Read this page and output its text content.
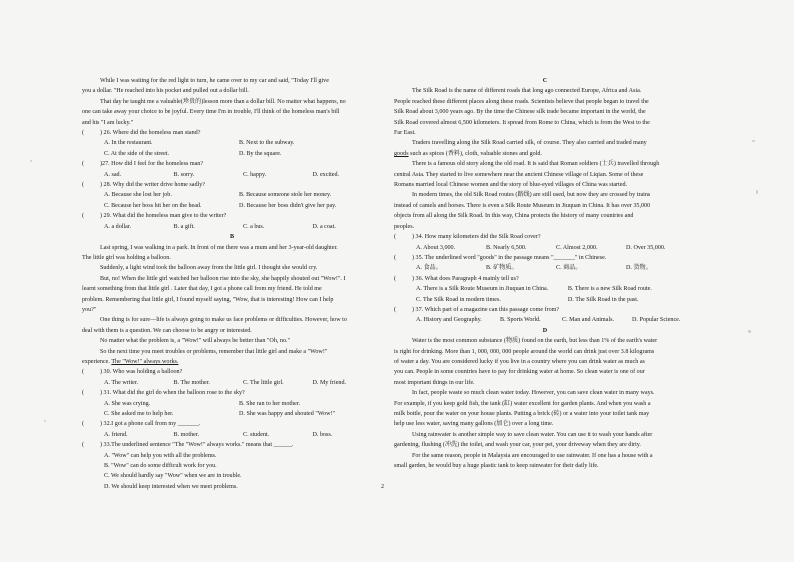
While I was waiting for the red light to turn, he came over to my car and said, "Today I'll give
you a dollar. "He reached into his pocket and pulled out a dollar bill.
That day he taught me a valuable(珍贵的)lesson more than a dollar bill. No matter what happens, no
one can take away your choice to be joyful. Every time I'm in trouble, I'll think of the homeless man's bill
and his "I am lucky."
(	) 26. Where did the homeless man stand?
A. In the restaurant.	B. Next to the subway.
C. At the side of the street.	D. By the square.
(	)27. How did I feel for the homeless man?
A. sad.	B. sorry.	C. happy.	D. excited.
(	) 28. Why did the writer drive home sadly?
A. Because she lost her job.	B. Because someone stole her money.
C. Because her boss hit her on the head.	D. Because her boss didn't give her pay.
(	) 29. What did the homeless man give to the writer?
A. a dollar.	B. a gift.	C. a bus.	D. a coat.
B
Last spring, I was walking in a park. In front of me there was a mum and her 3-year-old daughter.
The little girl was holding a balloon.
Suddenly, a light wind took the balloon away from the little girl. I thought she would cry.
But, no! When the little girl watched her balloon rise into the sky, she happily shouted out "Wow!". I
learnt something from that little girl . Later that day, I got a phone call from my friend. He told me
problem. Remembering that little girl, I found myself saying, "Wow, that is interesting! How can I help
you?"
One thing is for sure—life is always going to make us face problems or difficulties. However, how to
deal with them is a question. We can choose to be angry or interested.
No matter what the problem is, a "Wow!" will always be better than "Oh, no."
So the next time you meet troubles or problems, remember that little girl and make a "Wow!"
experience. The "Wow!" always works.
(	) 30. Who was holding a balloon?
A. The writer.	B. The mother.	C. The little girl.	D. My friend.
(	) 31. What did the girl do when the balloon rose to the sky?
A. She was crying.	B. She ran to her mother.
C. She asked me to help her.	D. She was happy and shouted "Wow!"
(	) 32.I got a phone call from my _______.
A. friend.	B. mother.	C. student.	D. boss.
(	) 33.The underlined sentence "The "Wow!" always works." means that ______.
A. "Wow" can help you with all the problems.
B. "Wow" can do some difficult work for you.
C. We should hardly say "Wow" when we are in trouble.
D. We should keep interested when we meet problems.
C
The Silk Road is the name of different roads that long ago connected Europe, Africa and Asia.
People reached these different places along these roads. Scientists believe that people began to travel the
Silk Road about 3,000 years ago. By the time the Chinese silk trade became important in the world, the
Silk Road covered almost 6,500 kilometers. It spread from Rome to China, which is from the West to the
Far East.
Traders travelling along the Silk Road carried silk, of course. They also carried and traded many
goods such as spices (香料), cloth, valuable stones and gold.
There is a famous old story along the old road. It is said that Roman soldiers (士兵) travelled through
central Asia. They started to live somewhere near the ancient Chinese village of Liqian. Some of these
Romans married local Chinese women and the story of blue-eyed villages of China was started.
In modern times, the old Silk Road routes (路线) are still used, but now they are crossed by trains
instead of camels and horses. There is even a Silk Route Museum in Jiuquan in China. It has over 35,000
objects from all along the Silk Road. In this way, China protects the history of many countries and
peoples.
(	) 34. How many kilometers did the Silk Road cover?
A. About 3,000.	B. Nearly 6,500.	C. Almost 2,000.	D. Over 35,000.
(	) 35. The underlined word "goods" in the passage means "_______" in Chinese.
A. 食品。	B. 矿物质。	C. 商品。	D. 货物。
(	) 36. What does Paragraph 4 mainly tell us?
A. There is a Silk Route Museum in Jiuquan in China.	B. There is a new Silk Road route.
C. The Silk Road in modern times.	D. The Silk Road in the past.
(	) 37. Which part of a magazine can this passage come from?
A. History and Geography.	B. Sports World.	C. Man and Animals.	D. Popular Science.
D
Water is the most common substance (物质) found on the earth, but less than 1% of the earth's water
is right for drinking. More than 1, 000, 000, 000 people around the world can drink just over 3.8 kilograms
of water a day. You are considered lucky if you live in a country where you can drink water as much as
you can. People in some countries have to pay for drinking water at home. So clean water is one of our
most important things in our life.
In fact, people waste so much clean water today. However, you can save clean water in many ways.
For example, if you keep gold fish, the tank (缸) water excellent for garden plants. And when you wash a
milk bottle, pour the water on your house plants. Putting a brick (砖) or a water into your toilet tank may
help use less water, saving many gallons (加仑) over a long time.
Using rainwater is another simple way to save clean water. You can use it to wash your hands after
gardening, flushing (冲洗) the toilet, and wash your car, your pet, your driveway when they are dirty.
For the same reason, people in Malaysia are encouraged to use rainwater. If one has a house with a
small garden, he would buy a huge plastic tank to keep rainwater for their daily life.
2
